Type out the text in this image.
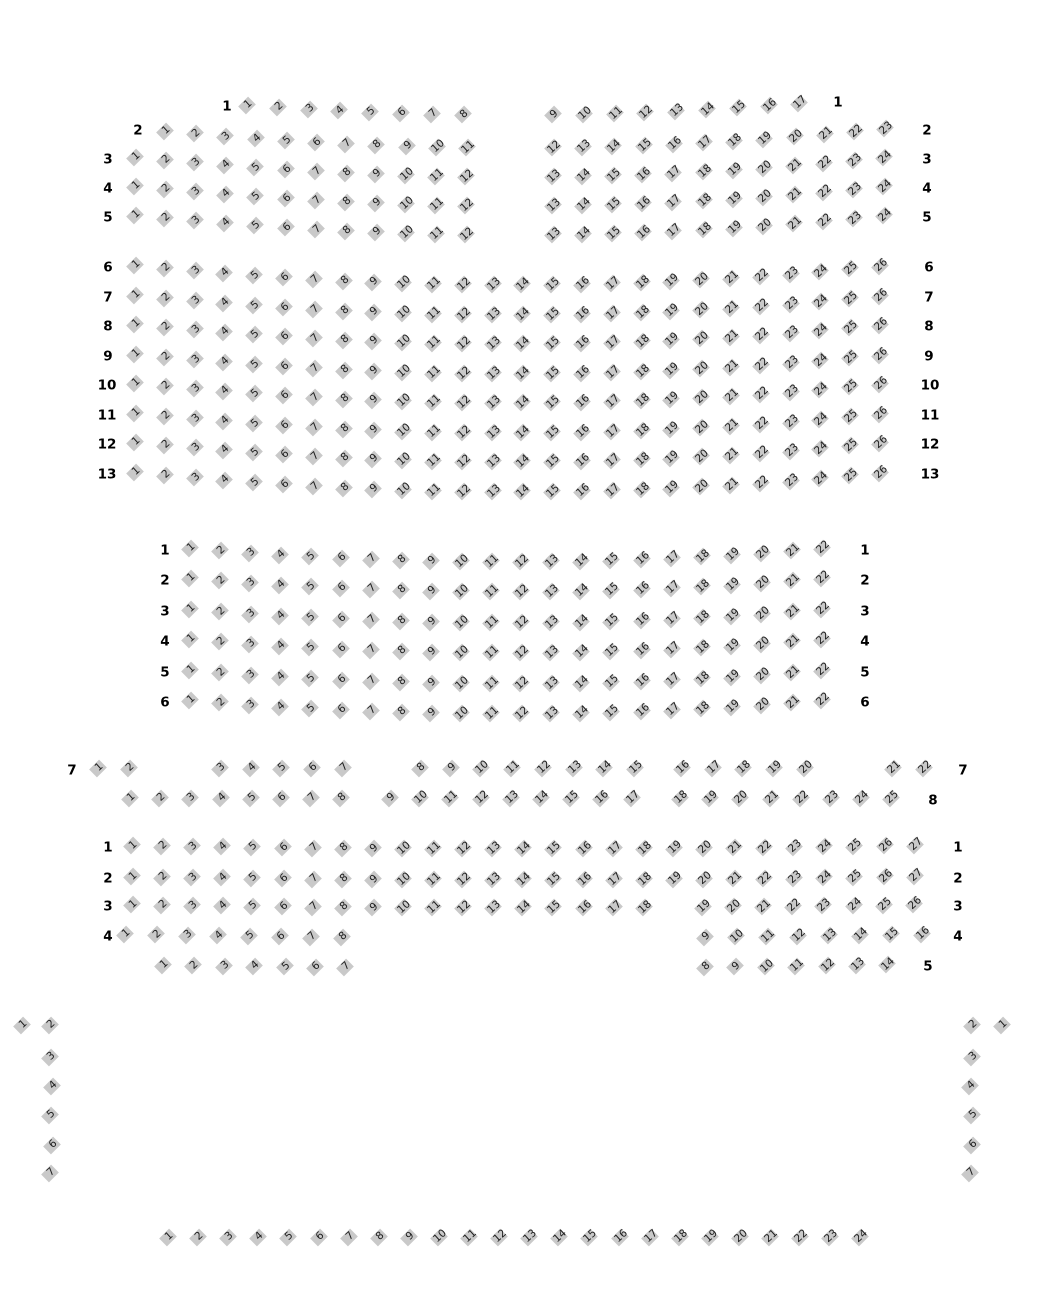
1	1
1	2	3	4	5	6	7	8	9	10	11	12	13	14	15	16	17
2	2
1	2	3	4	5	6	7	8	9	10	11	12	13	14	15	16	17	18	19	20	21	22	23
3	3
1	2	3	4	5	6	7	8	9	10	11	12	13	14	15	16	17	18	19	20	21	22	23	24
4	4
1	2	3	4	5	6	7	8	9	10	11	12	13	14	15	16	17	18	19	20	21	22	23	24
5	5
1	2	3	4	5	6	7	8	9	10	11	12	13	14	15	16	17	18	19	20	21	22	23	24
6	6
1	2	3	4	5	6	7	8	9	10	11	12	13	14	15	16	17	18	19	20	21	22	23	24	25	26
7	7
1	2	3	4	5	6	7	8	9	10	11	12	13	14	15	16	17	18	19	20	21	22	23	24	25	26
8	8
1	2	3	4	5	6	7	8	9	10	11	12	13	14	15	16	17	18	19	20	21	22	23	24	25	26
9	9
1	2	3	4	5	6	7	8	9	10	11	12	13	14	15	16	17	18	19	20	21	22	23	24	25	26
10	10
1	2	3	4	5	6	7	8	9	10	11	12	13	14	15	16	17	18	19	20	21	22	23	24	25	26
11	11
1	2	3	4	5	6	7	8	9	10	11	12	13	14	15	16	17	18	19	20	21	22	23	24	25	26
12	12
1	2	3	4	5	6	7	8	9	10	11	12	13	14	15	16	17	18	19	20	21	22	23	24	25	26
13	13
1	2	3	4	5	6	7	8	9	10	11	12	13	14	15	16	17	18	19	20	21	22	23	24	25	26
1	1
1	2	3	4	5	6	7	8	9	10	11	12	13	14	15	16	17	18	19	20	21	22
2	2
1	2	3	4	5	6	7	8	9	10	11	12	13	14	15	16	17	18	19	20	21	22
3	3
1	2	3	4	5	6	7	8	9	10	11	12	13	14	15	16	17	18	19	20	21	22
4	4
1	2	3	4	5	6	7	8	9	10	11	12	13	14	15	16	17	18	19	20	21	22
5	5
1	2	3	4	5	6	7	8	9	10	11	12	13	14	15	16	17	18	19	20	21	22
6	6
1	2	3	4	5	6	7	8	9	10	11	12	13	14	15	16	17	18	19	20	21	22
7	7
1	2	3	4	5	6	7	8	9	10	11	12	13	14	15	16	17	18	19	20	21	22
8
1	2	3	4	5	6	7	8	9	10	11	12	13	14	15	16	17	18	19	20	21	22	23	24	25
1	1
1	2	3	4	5	6	7	8	9	10	11	12	13	14	15	16	17	18	19	20	21	22	23	24	25	26	27
2	2
1	2	3	4	5	6	7	8	9	10	11	12	13	14	15	16	17	18	19	20	21	22	23	24	25	26	27
3	3
1	2	3	4	5	6	7	8	9	10	11	12	13	14	15	16	17	18	19	20	21	22	23	24	25	26
4	4
1	2	3	4	5	6	7	8	9	10	11	12	13	14	15	16
5
1	2	3	4	5	6	7	8	9	10	11	12	13	14
1	2
3
4
5
6
7
1
2
3
4
5
6
7
1	2	3	4	5	6	7	8	9	10	11	12	13	14	15	16	17	18	19	20	21	22	23	24
